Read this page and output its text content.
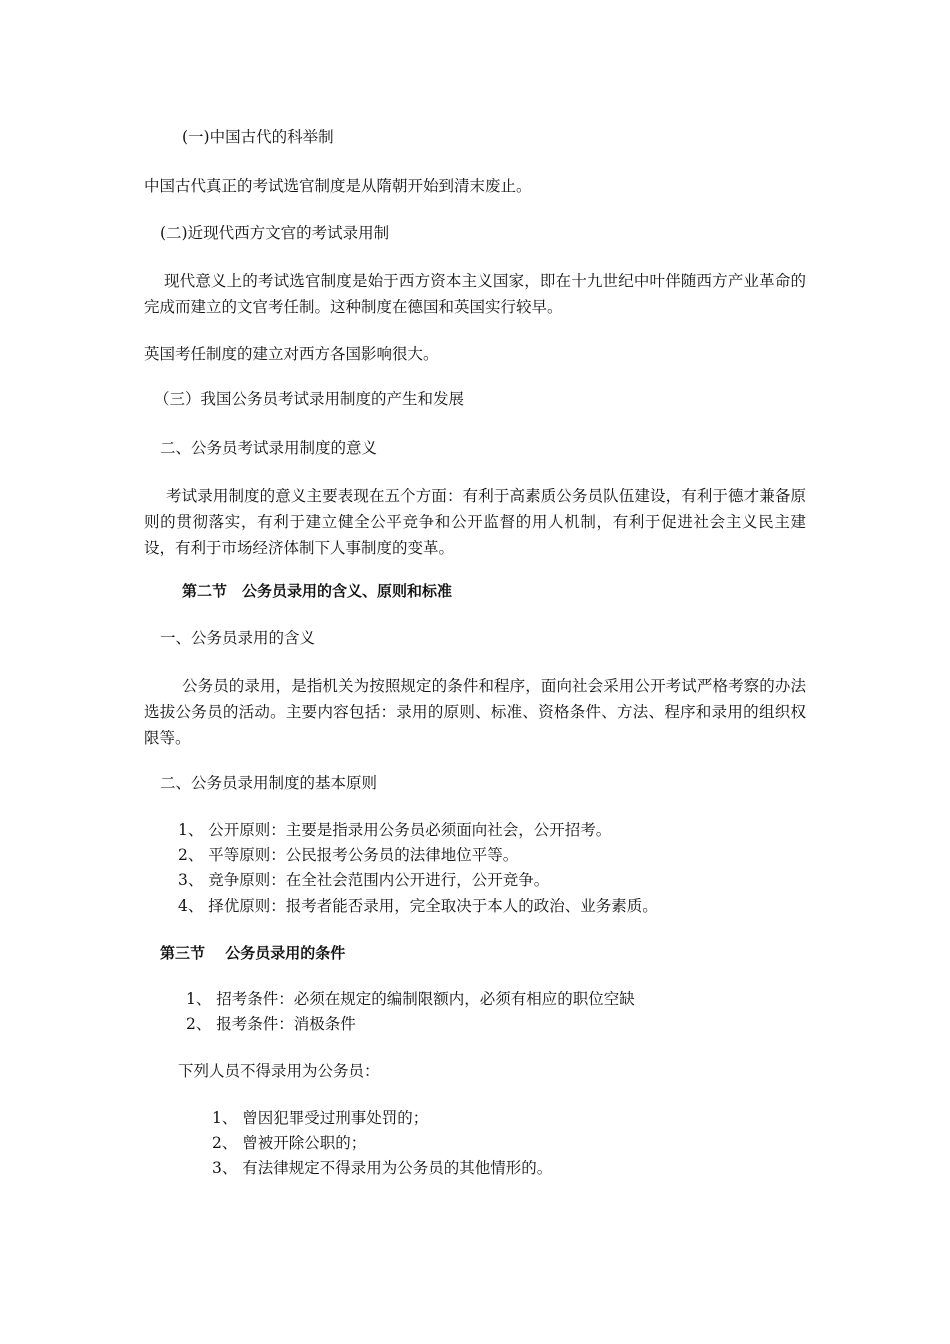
(一)中国古代的科举制
中国古代真正的考试选官制度是从隋朝开始到清末废止。
(二)近现代西方文官的考试录用制
现代意义上的考试选官制度是始于西方资本主义国家，即在十九世纪中叶伴随西方产业革命的完成而建立的文官考任制。这种制度在德国和英国实行较早。
英国考任制度的建立对西方各国影响很大。
（三）我国公务员考试录用制度的产生和发展
二、公务员考试录用制度的意义
考试录用制度的意义主要表现在五个方面：有利于高素质公务员队伍建设，有利于德才兼备原则的贯彻落实，有利于建立健全公平竞争和公开监督的用人机制，有利于促进社会主义民主建设，有利于市场经济体制下人事制度的变革。
第二节　公务员录用的含义、原则和标准
一、公务员录用的含义
公务员的录用，是指机关为按照规定的条件和程序，面向社会采用公开考试严格考察的办法选拔公务员的活动。主要内容包括：录用的原则、标准、资格条件、方法、程序和录用的组织权限等。
二、公务员录用制度的基本原则
1、 公开原则：主要是指录用公务员必须面向社会，公开招考。
2、 平等原则：公民报考公务员的法律地位平等。
3、 竞争原则：在全社会范围内公开进行，公开竞争。
4、 择优原则：报考者能否录用，完全取决于本人的政治、业务素质。
第三节　 公务员录用的条件
1、 招考条件：必须在规定的编制限额内，必须有相应的职位空缺
2、 报考条件：消极条件
下列人员不得录用为公务员：
1、 曾因犯罪受过刑事处罚的；
2、 曾被开除公职的；
3、 有法律规定不得录用为公务员的其他情形的。
